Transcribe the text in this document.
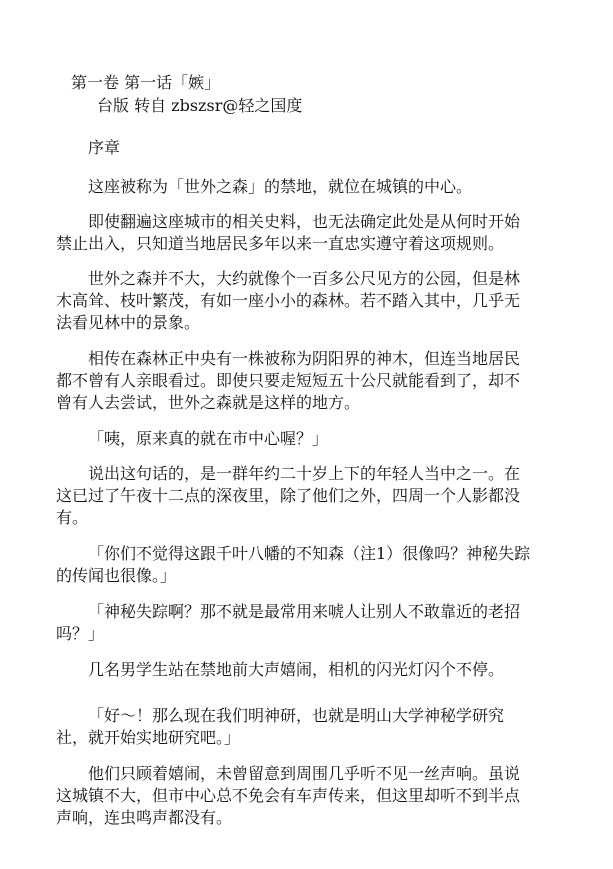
第一卷 第一话「嫉」
台版 转自 zbszsr@轻之国度
序章
这座被称为「世外之森」的禁地，就位在城镇的中心。
即使翻遍这座城市的相关史料，也无法确定此处是从何时开始
禁止出入，只知道当地居民多年以来一直忠实遵守着这项规则。
世外之森并不大，大约就像个一百多公尺见方的公园，但是林
木高耸、枝叶繁茂，有如一座小小的森林。若不踏入其中，几乎无
法看见林中的景象。
相传在森林正中央有一株被称为阴阳界的神木，但连当地居民
都不曾有人亲眼看过。即使只要走短短五十公尺就能看到了，却不
曾有人去尝试，世外之森就是这样的地方。
「咦，原来真的就在市中心喔？」
说出这句话的，是一群年约二十岁上下的年轻人当中之一。在
这已过了午夜十二点的深夜里，除了他们之外，四周一个人影都没
有。
「你们不觉得这跟千叶八幡的不知森（注1）很像吗？神秘失踪
的传闻也很像。」
「神秘失踪啊？那不就是最常用来唬人让别人不敢靠近的老招
吗？」
几名男学生站在禁地前大声嬉闹，相机的闪光灯闪个不停。
「好～！那么现在我们明神研，也就是明山大学神秘学研究
社，就开始实地研究吧。」
他们只顾着嬉闹，未曾留意到周围几乎听不见一丝声响。虽说
这城镇不大，但市中心总不免会有车声传来，但这里却听不到半点
声响，连虫鸣声都没有。
